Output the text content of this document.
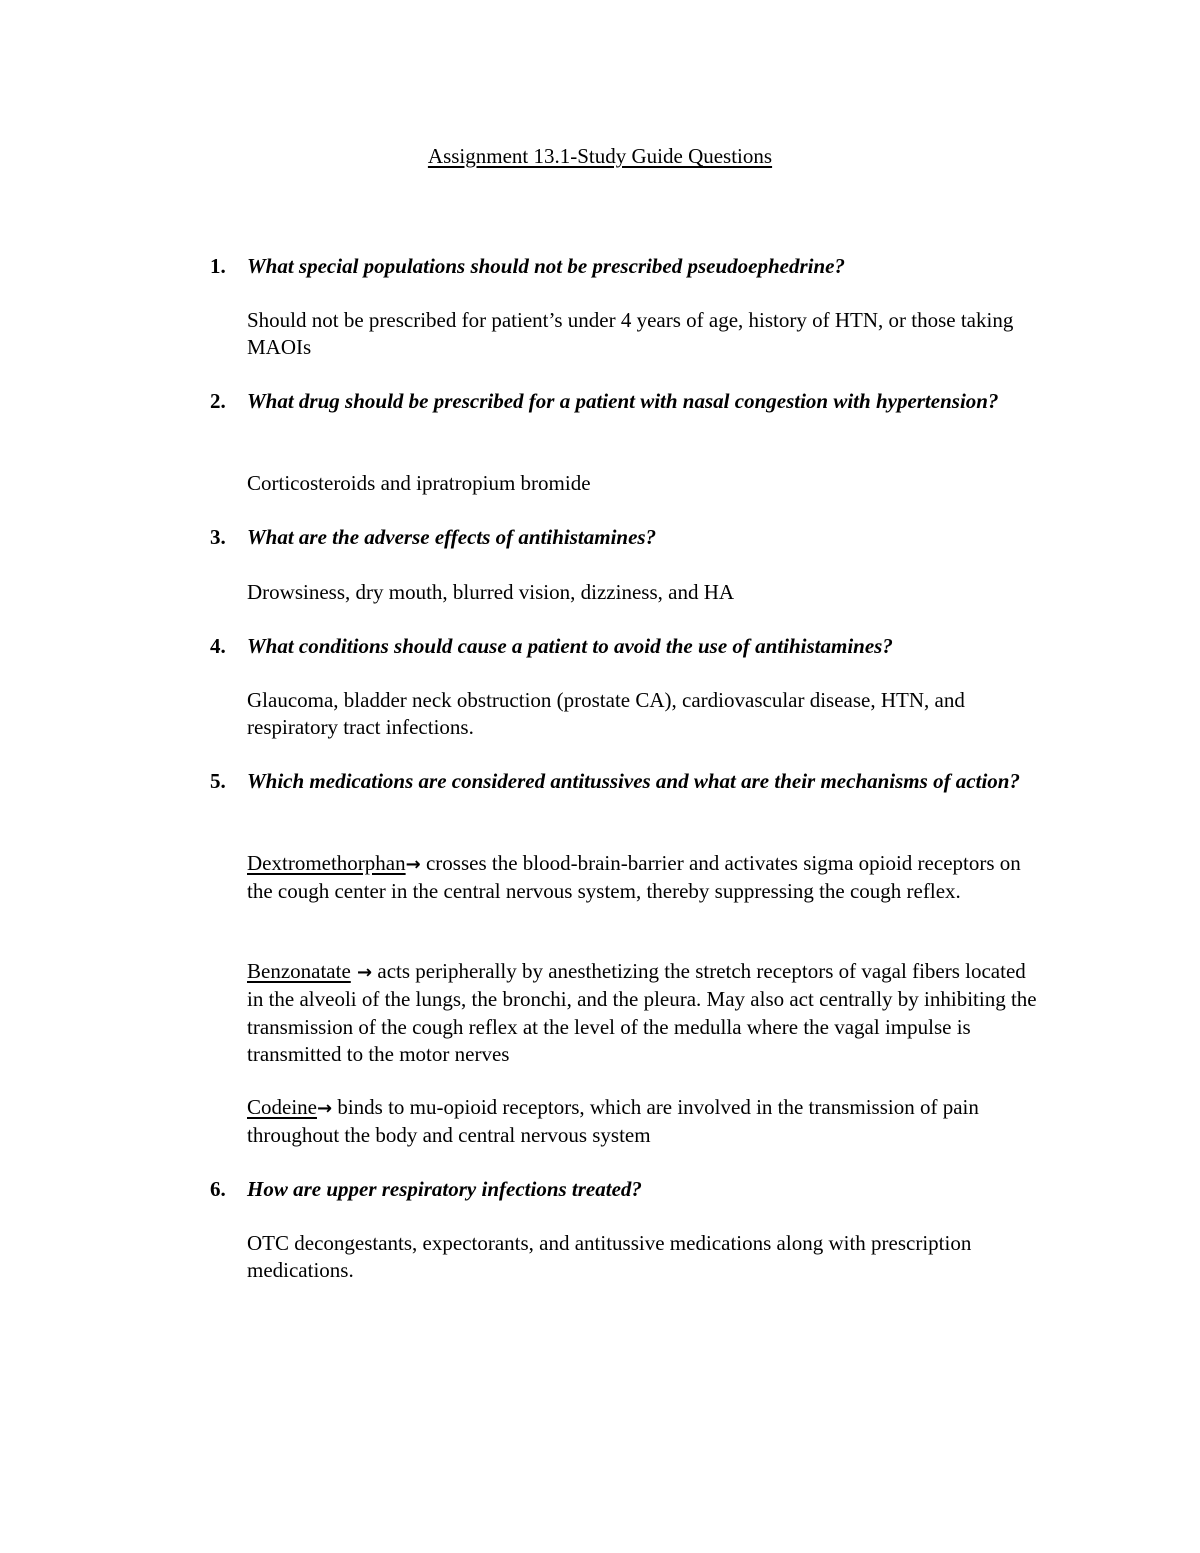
Assignment 13.1-Study Guide Questions
1. What special populations should not be prescribed pseudoephedrine?
Should not be prescribed for patient’s under 4 years of age, history of HTN, or those taking MAOIs
2. What drug should be prescribed for a patient with nasal congestion with hypertension?
Corticosteroids and ipratropium bromide
3. What are the adverse effects of antihistamines?
Drowsiness, dry mouth, blurred vision, dizziness, and HA
4. What conditions should cause a patient to avoid the use of antihistamines?
Glaucoma, bladder neck obstruction (prostate CA), cardiovascular disease, HTN, and respiratory tract infections.
5. Which medications are considered antitussives and what are their mechanisms of action?
Dextromethorphan→ crosses the blood-brain-barrier and activates sigma opioid receptors on the cough center in the central nervous system, thereby suppressing the cough reflex.
Benzonatate → acts peripherally by anesthetizing the stretch receptors of vagal fibers located in the alveoli of the lungs, the bronchi, and the pleura. May also act centrally by inhibiting the transmission of the cough reflex at the level of the medulla where the vagal impulse is transmitted to the motor nerves
Codeine→ binds to mu-opioid receptors, which are involved in the transmission of pain throughout the body and central nervous system
6. How are upper respiratory infections treated?
OTC decongestants, expectorants, and antitussive medications along with prescription medications.
